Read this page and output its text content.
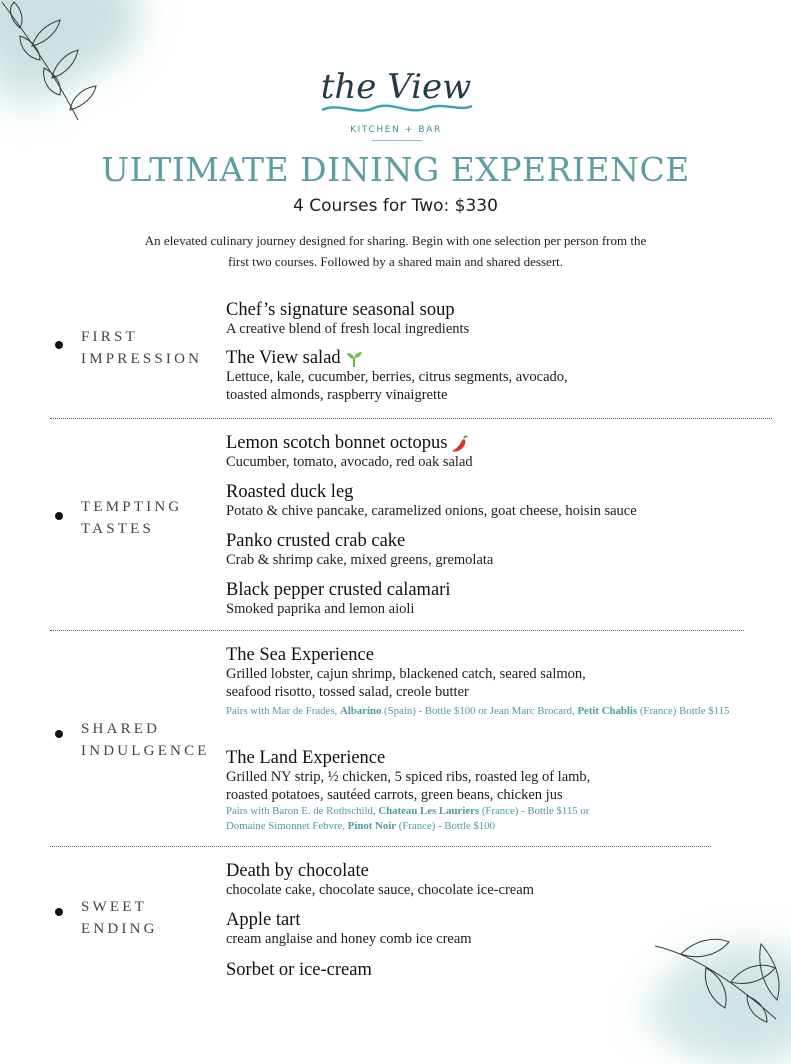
the View
KITCHEN + BAR
ULTIMATE DINING EXPERIENCE
4 Courses for Two: $330
An elevated culinary journey designed for sharing. Begin with one selection per person from the
first two courses. Followed by a shared main and shared dessert.
FIRST
IMPRESSION
Chef’s signature seasonal soup
A creative blend of fresh local ingredients
The View salad
Lettuce, kale, cucumber, berries, citrus segments, avocado,
toasted almonds, raspberry vinaigrette
TEMPTING
TASTES
Lemon scotch bonnet octopus
Cucumber, tomato, avocado, red oak salad
Roasted duck leg
Potato & chive pancake, caramelized onions, goat cheese, hoisin sauce
Panko crusted crab cake
Crab & shrimp cake, mixed greens, gremolata
Black pepper crusted calamari
Smoked paprika and lemon aioli
SHARED
INDULGENCE
The Sea Experience
Grilled lobster, cajun shrimp, blackened catch, seared salmon,
seafood risotto, tossed salad, creole butter
Pairs with Mar de Frades, Albarino (Spain) - Bottle $100 or Jean Marc Brocard, Petit Chablis (France) Bottle $115
The Land Experience
Grilled NY strip, ½ chicken, 5 spiced ribs, roasted leg of lamb,
roasted potatoes, sautéed carrots, green beans, chicken jus
Pairs with Baron E. de Rothschild, Chateau Les Lauriers (France) - Bottle $115 or
Domaine Simonnet Febvre, Pinot Noir (France) - Bottle $100
SWEET
ENDING
Death by chocolate
chocolate cake, chocolate sauce, chocolate ice-cream
Apple tart
cream anglaise and honey comb ice cream
Sorbet or ice-cream
